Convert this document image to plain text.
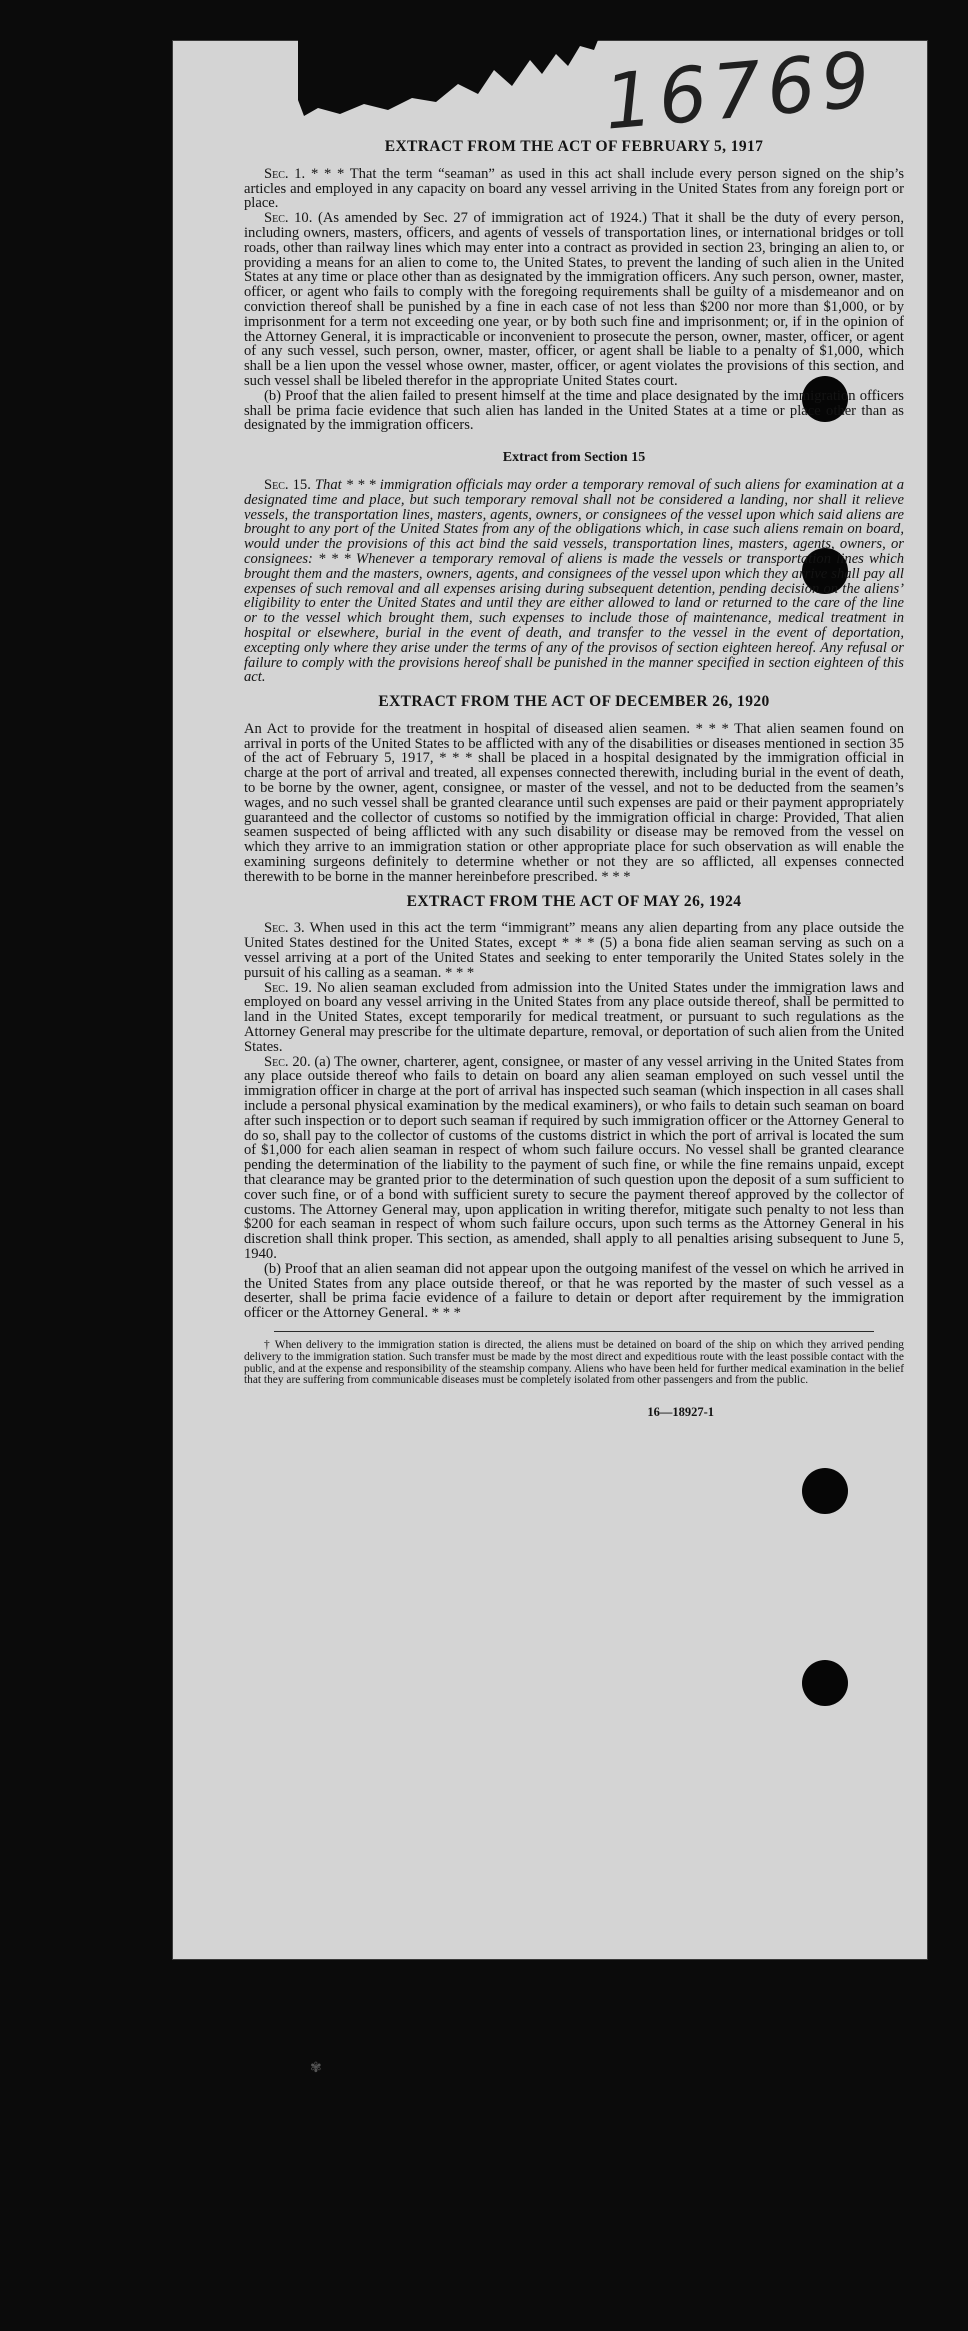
16769
EXTRACT FROM THE ACT OF FEBRUARY 5, 1917

Sec. 1. * * * That the term “seaman” as used in this act shall include every person signed on the ship’s articles and employed in any capacity on board any vessel arriving in the United States from any foreign port or place.

Sec. 10. (As amended by Sec. 27 of immigration act of 1924.) That it shall be the duty of every person, including owners, masters, officers, and agents of vessels of transportation lines, or international bridges or toll roads, other than railway lines which may enter into a contract as provided in section 23, bringing an alien to, or providing a means for an alien to come to, the United States, to prevent the landing of such alien in the United States at any time or place other than as designated by the immigration officers. Any such person, owner, master, officer, or agent who fails to comply with the foregoing requirements shall be guilty of a misdemeanor and on conviction thereof shall be punished by a fine in each case of not less than $200 nor more than $1,000, or by imprisonment for a term not exceeding one year, or by both such fine and imprisonment; or, if in the opinion of the Attorney General, it is impracticable or inconvenient to prosecute the person, owner, master, officer, or agent of any such vessel, such person, owner, master, officer, or agent shall be liable to a penalty of $1,000, which shall be a lien upon the vessel whose owner, master, officer, or agent violates the provisions of this section, and such vessel shall be libeled therefor in the appropriate United States court.

(b) Proof that the alien failed to present himself at the time and place designated by the immigration officers shall be prima facie evidence that such alien has landed in the United States at a time or place other than as designated by the immigration officers.

Extract from Section 15

Sec. 15. That * * * immigration officials may order a temporary removal of such aliens for examination at a designated time and place, but such temporary removal shall not be considered a landing, nor shall it relieve vessels, the transportation lines, masters, agents, owners, or consignees of the vessel upon which said aliens are brought to any port of the United States from any of the obligations which, in case such aliens remain on board, would under the provisions of this act bind the said vessels, transportation lines, masters, agents, owners, or consignees: * * * Whenever a temporary removal of aliens is made the vessels or transportation lines which brought them and the masters, owners, agents, and consignees of the vessel upon which they arrive shall pay all expenses of such removal and all expenses arising during subsequent detention, pending decision on the aliens’ eligibility to enter the United States and until they are either allowed to land or returned to the care of the line or to the vessel which brought them, such expenses to include those of maintenance, medical treatment in hospital or elsewhere, burial in the event of death, and transfer to the vessel in the event of deportation, excepting only where they arise under the terms of any of the provisos of section eighteen hereof. Any refusal or failure to comply with the provisions hereof shall be punished in the manner specified in section eighteen of this act.

EXTRACT FROM THE ACT OF DECEMBER 26, 1920

An Act to provide for the treatment in hospital of diseased alien seamen. * * * That alien seamen found on arrival in ports of the United States to be afflicted with any of the disabilities or diseases mentioned in section 35 of the act of February 5, 1917, * * * shall be placed in a hospital designated by the immigration official in charge at the port of arrival and treated, all expenses connected therewith, including burial in the event of death, to be borne by the owner, agent, consignee, or master of the vessel, and not to be deducted from the seamen’s wages, and no such vessel shall be granted clearance until such expenses are paid or their payment appropriately guaranteed and the collector of customs so notified by the immigration official in charge: Provided, That alien seamen suspected of being afflicted with any such disability or disease may be removed from the vessel on which they arrive to an immigration station or other appropriate place for such observation as will enable the examining surgeons definitely to determine whether or not they are so afflicted, all expenses connected therewith to be borne in the manner hereinbefore prescribed. * * *

EXTRACT FROM THE ACT OF MAY 26, 1924

Sec. 3. When used in this act the term “immigrant” means any alien departing from any place outside the United States destined for the United States, except * * * (5) a bona fide alien seaman serving as such on a vessel arriving at a port of the United States and seeking to enter temporarily the United States solely in the pursuit of his calling as a seaman. * * *

Sec. 19. No alien seaman excluded from admission into the United States under the immigration laws and employed on board any vessel arriving in the United States from any place outside thereof, shall be permitted to land in the United States, except temporarily for medical treatment, or pursuant to such regulations as the Attorney General may prescribe for the ultimate departure, removal, or deportation of such alien from the United States.

Sec. 20. (a) The owner, charterer, agent, consignee, or master of any vessel arriving in the United States from any place outside thereof who fails to detain on board any alien seaman employed on such vessel until the immigration officer in charge at the port of arrival has inspected such seaman (which inspection in all cases shall include a personal physical examination by the medical examiners), or who fails to detain such seaman on board after such inspection or to deport such seaman if required by such immigration officer or the Attorney General to do so, shall pay to the collector of customs of the customs district in which the port of arrival is located the sum of $1,000 for each alien seaman in respect of whom such failure occurs. No vessel shall be granted clearance pending the determination of the liability to the payment of such fine, or while the fine remains unpaid, except that clearance may be granted prior to the determination of such question upon the deposit of a sum sufficient to cover such fine, or of a bond with sufficient surety to secure the payment thereof approved by the collector of customs. The Attorney General may, upon application in writing therefor, mitigate such penalty to not less than $200 for each seaman in respect of whom such failure occurs, upon such terms as the Attorney General in his discretion shall think proper. This section, as amended, shall apply to all penalties arising subsequent to June 5, 1940.

(b) Proof that an alien seaman did not appear upon the outgoing manifest of the vessel on which he arrived in the United States from any place outside thereof, or that he was reported by the master of such vessel as a deserter, shall be prima facie evidence of a failure to detain or deport after requirement by the immigration officer or the Attorney General. * * *

† When delivery to the immigration station is directed, the aliens must be detained on board of the ship on which they arrived pending delivery to the immigration station. Such transfer must be made by the most direct and expeditious route with the least possible contact with the public, and at the expense and responsibility of the steamship company. Aliens who have been held for further medical examination in the belief that they are suffering from communicable diseases must be completely isolated from other passengers and from the public.

16—18927-1
✾
